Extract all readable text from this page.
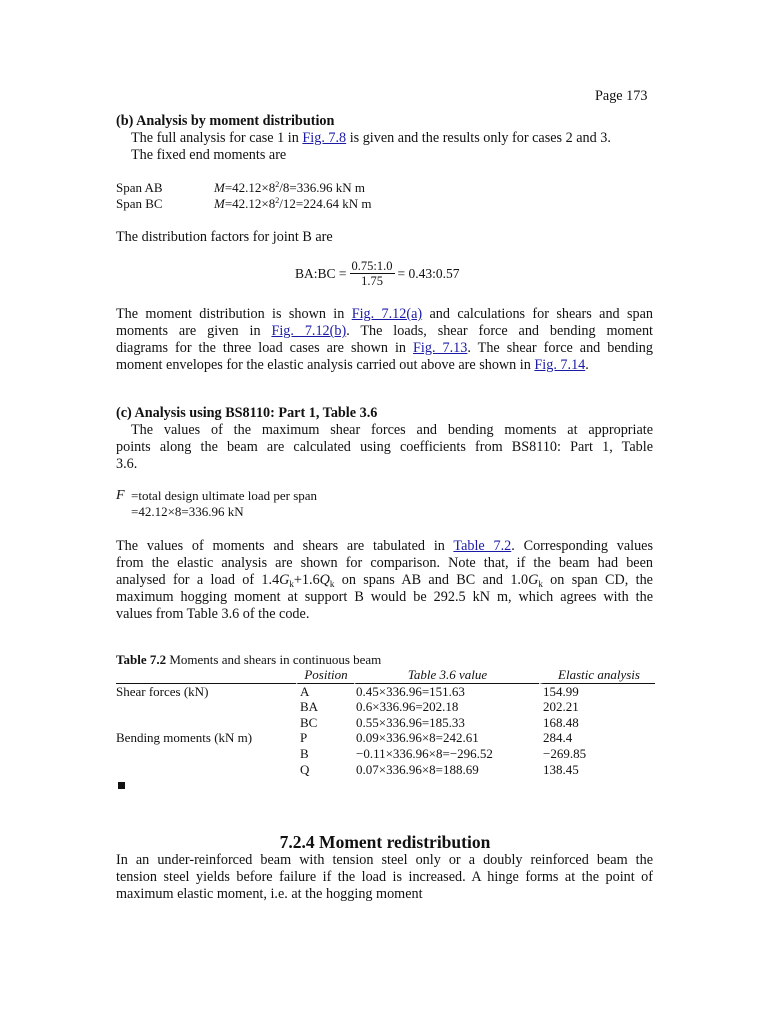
Page 173
(b) Analysis by moment distribution
The full analysis for case 1 in Fig. 7.8 is given and the results only for cases 2 and 3.
The fixed end moments are
Span AB	$M=42.12\times 8^2/8=336.96$ kN m
Span BC	$M=42.12\times 8^2/12=224.64$ kN m
The distribution factors for joint B are
BA:BC = $\frac{0.75:1.0}{1.75}$ = 0.43:0.57
The moment distribution is shown in Fig. 7.12(a) and calculations for shears and span
moments are given in Fig. 7.12(b). The loads, shear force and bending moment
diagrams for the three load cases are shown in Fig. 7.13. The shear force and bending
moment envelopes for the elastic analysis carried out above are shown in Fig. 7.14.
(c) Analysis using BS8110: Part 1, Table 3.6
The values of the maximum shear forces and bending moments at appropriate
points along the beam are calculated using coefficients from BS8110: Part 1, Table
3.6.
F =total design ultimate load per span
=42.12×8=336.96 kN
The values of moments and shears are tabulated in Table 7.2. Corresponding values
from the elastic analysis are shown for comparison. Note that, if the beam had been
analysed for a load of $1.4G_k+1.6Q_k$ on spans AB and BC and $1.0G_k$ on span CD, the
maximum hogging moment at support B would be 292.5 kN m, which agrees with the
values from Table 3.6 of the code.
Table 7.2 Moments and shears in continuous beam
	Position	Table 3.6 value	Elastic analysis
Shear forces (kN)	A	0.45×336.96=151.63	154.99
	BA	0.6×336.96=202.18	202.21
	BC	0.55×336.96=185.33	168.48
Bending moments (kN m)	P	0.09×336.96×8=242.61	284.4
	B	−0.11×336.96×8=−296.52	−269.85
	Q	0.07×336.96×8=188.69	138.45
7.2.4 Moment redistribution
In an under-reinforced beam with tension steel only or a doubly reinforced beam the
tension steel yields before failure if the load is increased. A hinge forms at the point of
maximum elastic moment, i.e. at the hogging moment
